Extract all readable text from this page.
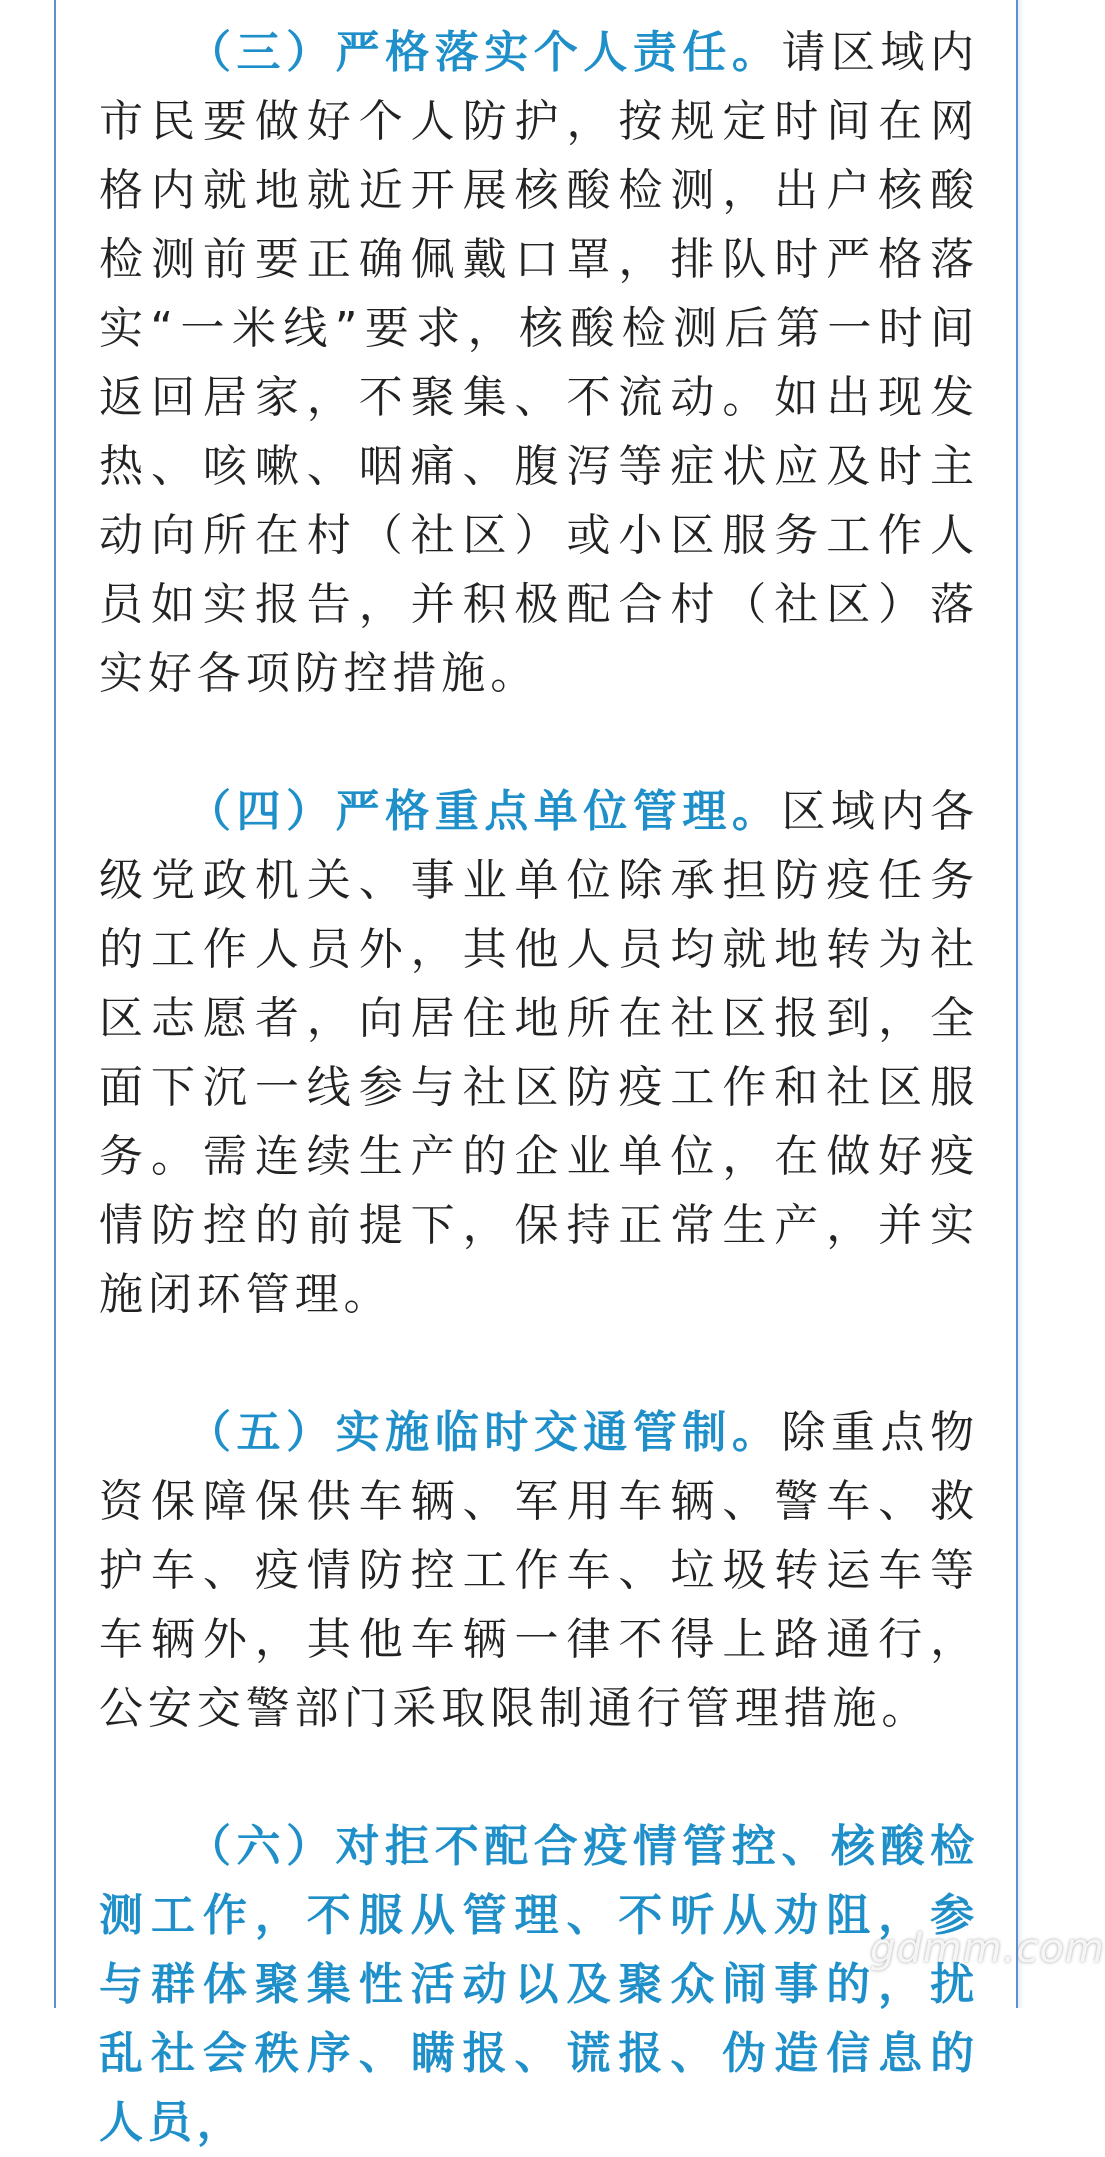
（三）严格落实个人责任。请区域内市民要做好个人防护，按规定时间在网格内就地就近开展核酸检测，出户核酸检测前要正确佩戴口罩，排队时严格落实“一米线”要求，核酸检测后第一时间返回居家，不聚集、不流动。如出现发热、咳嗽、咽痛、腹泻等症状应及时主动向所在村（社区）或小区服务工作人员如实报告，并积极配合村（社区）落实好各项防控措施。

（四）严格重点单位管理。区域内各级党政机关、事业单位除承担防疫任务的工作人员外，其他人员均就地转为社区志愿者，向居住地所在社区报到，全面下沉一线参与社区防疫工作和社区服务。需连续生产的企业单位，在做好疫情防控的前提下，保持正常生产，并实施闭环管理。

（五）实施临时交通管制。除重点物资保障保供车辆、军用车辆、警车、救护车、疫情防控工作车、垃圾转运车等车辆外，其他车辆一律不得上路通行，公安交警部门采取限制通行管理措施。

（六）对拒不配合疫情管控、核酸检测工作，不服从管理、不听从劝阻，参与群体聚集性活动以及聚众闹事的，扰乱社会秩序、瞒报、谎报、伪造信息的人员，

gdmm.com
